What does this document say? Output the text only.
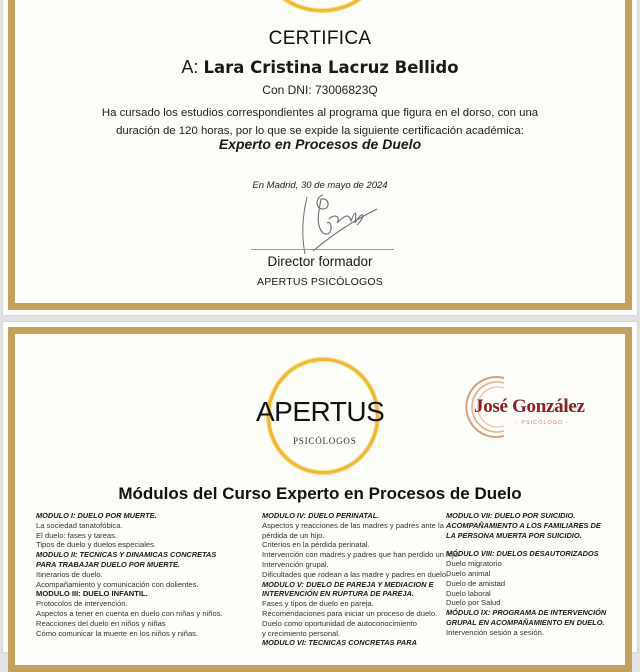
CERTIFICA
A: Lara Cristina Lacruz Bellido
Con DNI: 73006823Q
Ha cursado los estudios correspondientes al programa que figura en el dorso, con una
duración de 120 horas, por lo que se expide la siguiente certificación académica:
Experto en Procesos de Duelo
En Madrid, 30 de mayo de 2024
Director formador
APERTUS PSICÓLOGOS
APERTUS
PSICÓLOGOS
José González
- PSICÓLOGO -
Módulos del Curso Experto en Procesos de Duelo
MODULO I: DUELO POR MUERTE.
La sociedad tanatofóbica.
El duelo: fases y tareas.
Tipos de duelo y duelos especiales.
MODULO II: TECNICAS Y DINAMICAS CONCRETAS
PARA TRABAJAR DUELO POR MUERTE.
Itinerarios de duelo.
Acompañamiento y comunicación con dolientes.
MODULO III: DUELO INFANTIL.
Protocolos de intervención.
Aspectos a tener en cuenta en duelo con niñas y niños.
Reacciones del duelo en niños y niñas
Cómo comunicar la muerte en los niños y niñas.
MODULO IV: DUELO PERINATAL.
Aspectos y reacciones de las madres y padres ante la
pérdida de un hijo.
Criterios en la pérdida perinatal.
Intervención con madres y padres que han perdido un hijo.
Intervención grupal.
Dificultades que rodean a las madre y padres en duelo.
MODULO V: DUELO DE PAREJA Y MEDIACION E
INTERVENCIÓN EN RUPTURA DE PAREJA.
Fases y tipos de duelo en pareja.
Recomendaciones para iniciar un proceso de duelo.
Duelo como oportunidad de autoconocimiento
y crecimiento personal.
MODULO VI: TECNICAS CONCRETAS PARA
MODULO VII: DUELO POR SUICIDIO.
ACOMPAÑAMIENTO A LOS FAMILIARES DE
LA PERSONA MUERTA POR SUICIDIO.
MÓDULO VIII: DUELOS DESAUTORIZADOS
Duelo migratorio
Duelo animal
Duelo de amistad
Duelo laboral
Duelo por Salud
MÓDULO IX: PROGRAMA DE INTERVENCIÓN
GRUPAL EN ACOMPAÑAMIENTO EN DUELO.
Intervención sesión a sesión.
